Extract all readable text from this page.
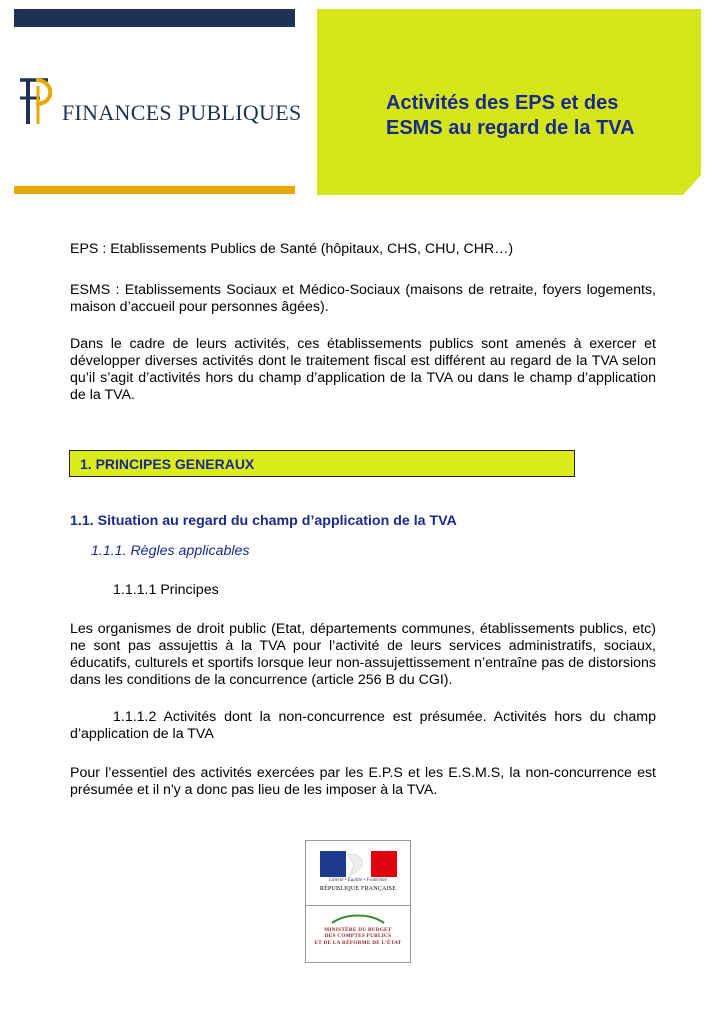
FINANCES PUBLIQUES	Activités des EPS et des ESMS au regard de la TVA
EPS : Etablissements Publics de Santé (hôpitaux, CHS, CHU, CHR…)
ESMS : Etablissements Sociaux et Médico-Sociaux (maisons de retraite, foyers logements, maison d’accueil pour personnes âgées).
Dans le cadre de leurs activités, ces établissements publics sont amenés à exercer et développer diverses activités dont le traitement fiscal est différent au regard de la TVA selon qu’il s’agit d’activités hors du champ d’application de la TVA ou dans le champ d’application de la TVA.
1. PRINCIPES GENERAUX
1.1. Situation au regard du champ d’application de la TVA
1.1.1. Règles applicables
1.1.1.1 Principes
Les organismes de droit public (Etat, départements communes, établissements publics, etc) ne sont pas assujettis à la TVA pour l’activité de leurs services administratifs, sociaux, éducatifs, culturels et sportifs lorsque leur non-assujettissement n’entraîne pas de distorsions dans les conditions de la concurrence (article 256 B du CGI).
1.1.1.2 Activités dont la non-concurrence est présumée. Activités hors du champ d’application de la TVA
Pour l’essentiel des activités exercées par les E.P.S et les E.S.M.S, la non-concurrence est présumée et il n'y a donc pas lieu de les imposer à la TVA.
Liberté • Égalité • Fraternité
RÉPUBLIQUE FRANÇAISE
MINISTÈRE DU BUDGET
DES COMPTES PUBLICS
ET DE LA RÉFORME DE L’ÉTAT
